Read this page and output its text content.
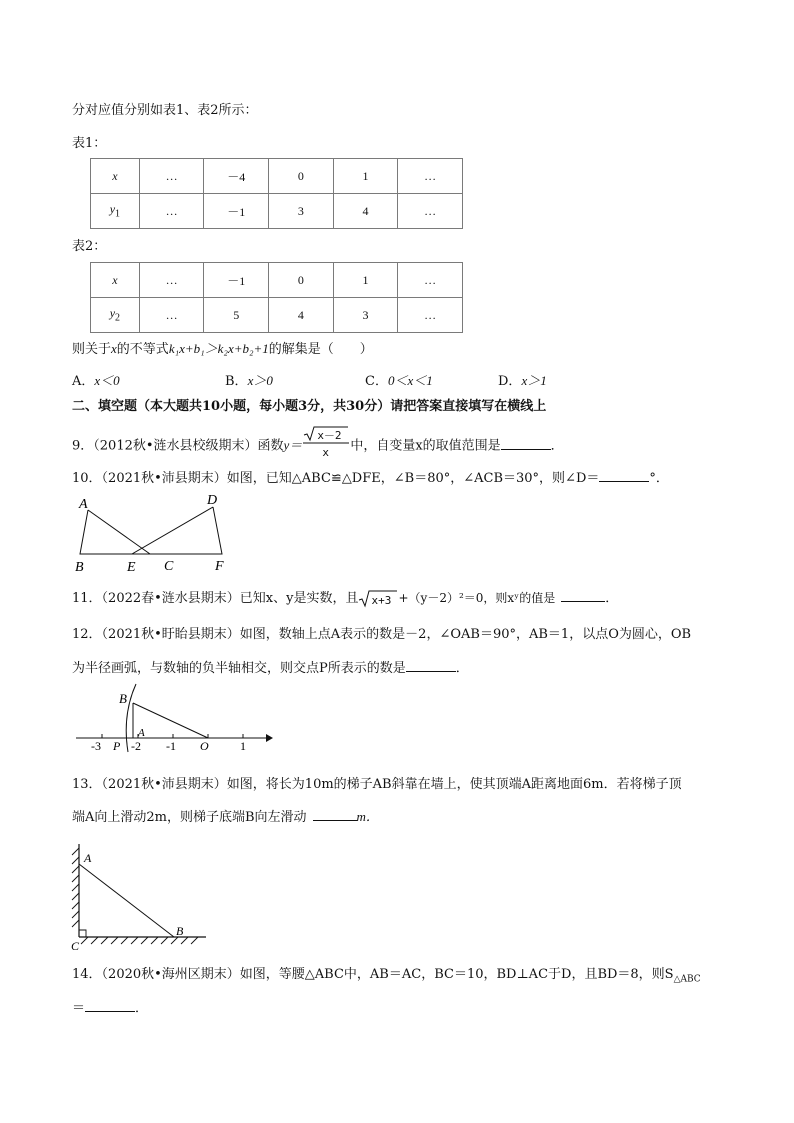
分对应值分别如表1、表2所示：
表1：
x	…	－4	0	1	…
$y_1$	…	－1	3	4	…
表2：
x	…	－1	0	1	…
$y_2$	…	5	4	3	…
则关于x的不等式k₁x+b₁＞k₂x+b₂+1的解集是（　　）
A．x＜0	B．x＞0	C．0＜x＜1	D．x＞1
二、填空题（本大题共10小题，每小题3分，共30分）请把答案直接填写在横线上
9．（2012秋•涟水县校级期末）函数y＝
x－2
x 中，自变量x的取值范围是	．
10．（2021秋•沛县期末）如图，已知△ABC≌△DFE，∠B＝80°，∠ACB＝30°，则∠D＝	°．
A
B	C
D
E	F
11．（2022春•涟水县期末）已知x、y是实数，且 x+3 +（y－2）²＝0，则xʸ的值是	．
12．（2021秋•盱眙县期末）如图，数轴上点A表示的数是－2，∠OAB＝90°，AB＝1，以点O为圆心，OB
为半径画弧，与数轴的负半轴相交，则交点P所表示的数是	．
-3 P -2 -1 O	1
B
A
13．（2021秋•沛县期末）如图，将长为10m的梯子AB斜靠在墙上，使其顶端A距离地面6m．若将梯子顶
端A向上滑动2m，则梯子底端B向左滑动	m．
A
B
C
14．（2020秋•海州区期末）如图，等腰△ABC中，AB＝AC，BC＝10，BD⊥AC于D，且BD＝8，则$S_{\triangle ABC}$
＝	．
